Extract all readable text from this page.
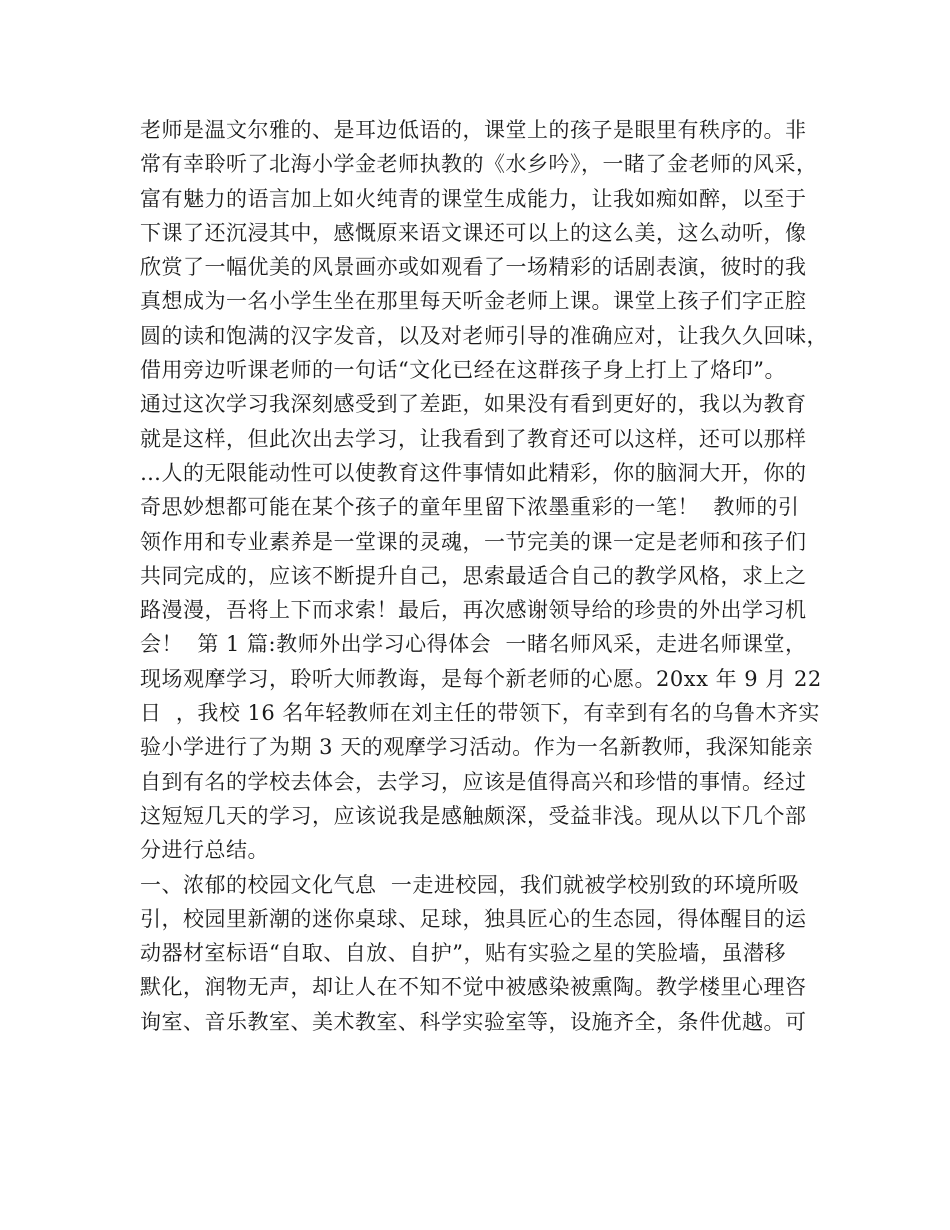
老师是温文尔雅的、是耳边低语的，课堂上的孩子是眼里有秩序的。非
常有幸聆听了北海小学金老师执教的《水乡吟》，一睹了金老师的风采，
富有魅力的语言加上如火纯青的课堂生成能力，让我如痴如醉，以至于
下课了还沉浸其中，感慨原来语文课还可以上的这么美，这么动听，像
欣赏了一幅优美的风景画亦或如观看了一场精彩的话剧表演，彼时的我
真想成为一名小学生坐在那里每天听金老师上课。课堂上孩子们字正腔
圆的读和饱满的汉字发音，以及对老师引导的准确应对，让我久久回味，
借用旁边听课老师的一句话“文化已经在这群孩子身上打上了烙印”。
通过这次学习我深刻感受到了差距，如果没有看到更好的，我以为教育
就是这样，但此次出去学习，让我看到了教育还可以这样，还可以那样
…人的无限能动性可以使教育这件事情如此精彩，你的脑洞大开，你的
奇思妙想都可能在某个孩子的童年里留下浓墨重彩的一笔！  教师的引
领作用和专业素养是一堂课的灵魂，一节完美的课一定是老师和孩子们
共同完成的，应该不断提升自己，思索最适合自己的教学风格，求上之
路漫漫，吾将上下而求索！最后，再次感谢领导给的珍贵的外出学习机
会！  第 1 篇:教师外出学习心得体会  一睹名师风采，走进名师课堂，
现场观摩学习，聆听大师教诲，是每个新老师的心愿。20xx 年 9 月 22
日  ，我校 16 名年轻教师在刘主任的带领下，有幸到有名的乌鲁木齐实
验小学进行了为期 3 天的观摩学习活动。作为一名新教师，我深知能亲
自到有名的学校去体会，去学习，应该是值得高兴和珍惜的事情。经过
这短短几天的学习，应该说我是感触颇深，受益非浅。现从以下几个部
分进行总结。
一、浓郁的校园文化气息  一走进校园，我们就被学校别致的环境所吸
引，校园里新潮的迷你桌球、足球，独具匠心的生态园，得体醒目的运
动器材室标语“自取、自放、自护”，贴有实验之星的笑脸墙，虽潜移
默化，润物无声，却让人在不知不觉中被感染被熏陶。教学楼里心理咨
询室、音乐教室、美术教室、科学实验室等，设施齐全，条件优越。可
